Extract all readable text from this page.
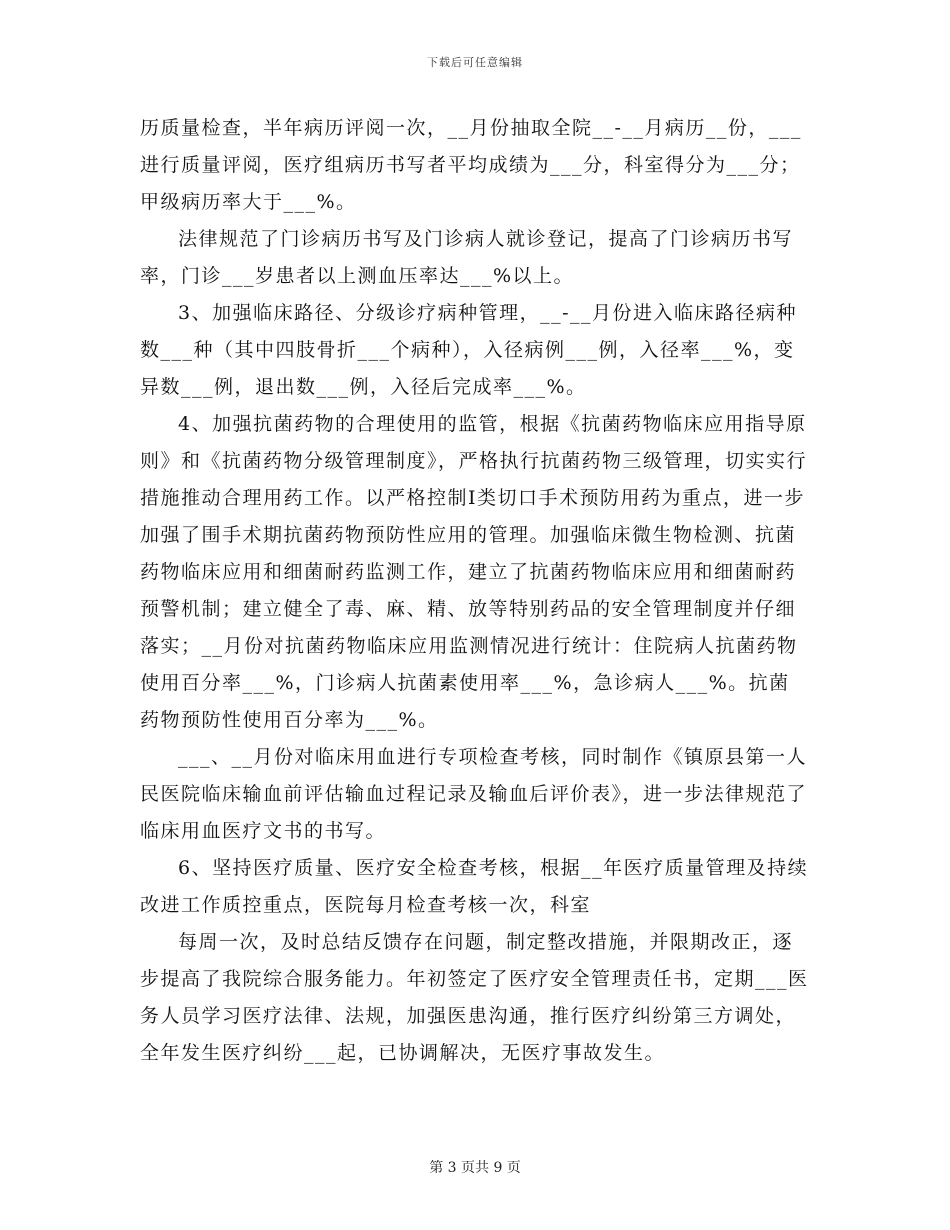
下载后可任意编辑

历质量检查，半年病历评阅一次，__月份抽取全院__-__月病历__份，___进行质量评阅，医疗组病历书写者平均成绩为___分，科室得分为___分；甲级病历率大于___%。

法律规范了门诊病历书写及门诊病人就诊登记，提高了门诊病历书写率，门诊___岁患者以上测血压率达___%以上。

3、加强临床路径、分级诊疗病种管理，__-__月份进入临床路径病种数___种（其中四肢骨折___个病种），入径病例___例，入径率___%，变异数___例，退出数___例，入径后完成率___%。

4、加强抗菌药物的合理使用的监管，根据《抗菌药物临床应用指导原则》和《抗菌药物分级管理制度》，严格执行抗菌药物三级管理，切实实行措施推动合理用药工作。以严格控制I类切口手术预防用药为重点，进一步加强了围手术期抗菌药物预防性应用的管理。加强临床微生物检测、抗菌药物临床应用和细菌耐药监测工作，建立了抗菌药物临床应用和细菌耐药预警机制；建立健全了毒、麻、精、放等特别药品的安全管理制度并仔细落实；__月份对抗菌药物临床应用监测情况进行统计：住院病人抗菌药物使用百分率___%，门诊病人抗菌素使用率___%，急诊病人___%。抗菌药物预防性使用百分率为___%。

___、__月份对临床用血进行专项检查考核，同时制作《镇原县第一人民医院临床输血前评估输血过程记录及输血后评价表》，进一步法律规范了临床用血医疗文书的书写。

6、坚持医疗质量、医疗安全检查考核，根据__年医疗质量管理及持续改进工作质控重点，医院每月检查考核一次，科室

每周一次，及时总结反馈存在问题，制定整改措施，并限期改正，逐步提高了我院综合服务能力。年初签定了医疗安全管理责任书，定期___医务人员学习医疗法律、法规，加强医患沟通，推行医疗纠纷第三方调处，全年发生医疗纠纷___起，已协调解决，无医疗事故发生。

第 3 页共 9 页
